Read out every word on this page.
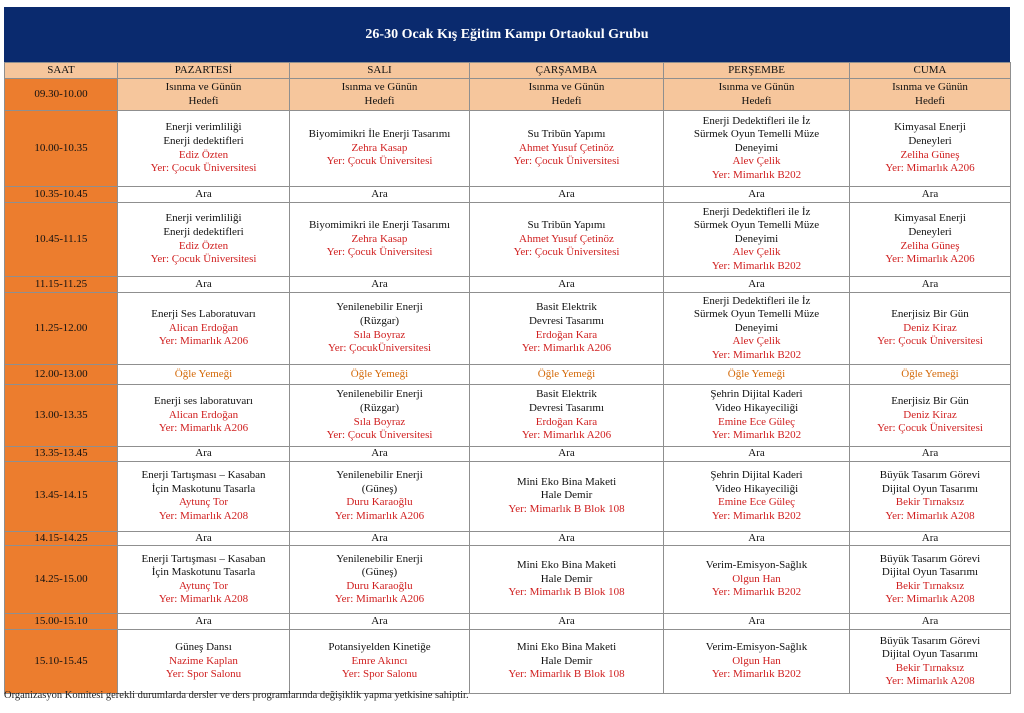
26-30 Ocak Kış Eğitim Kampı Ortaokul Grubu
SAAT	PAZARTESİ	SALI	ÇARŞAMBA	PERŞEMBE	CUMA
09.30-10.00	Isınma ve Günün
Hedefi	Isınma ve Günün
Hedefi	Isınma ve Günün
Hedefi	Isınma ve Günün
Hedefi	Isınma ve Günün
Hedefi

10.00-10.35	Enerji verimliliği
Enerji dedektifleri
Ediz Özten
Yer: Çocuk Üniversitesi	Biyomimikri İle Enerji Tasarımı
Zehra Kasap
Yer: Çocuk Üniversitesi	Su Tribün Yapımı
Ahmet Yusuf Çetinöz
Yer: Çocuk Üniversitesi	Enerji Dedektifleri ile İz
Sürmek Oyun Temelli Müze
Deneyimi
Alev Çelik
Yer: Mimarlık B202	Kimyasal Enerji
Deneyleri
Zeliha Güneş
Yer: Mimarlık A206

10.35-10.45	Ara	Ara	Ara	Ara	Ara

10.45-11.15	Enerji verimliliği
Enerji dedektifleri
Ediz Özten
Yer: Çocuk Üniversitesi	Biyomimikri ile Enerji Tasarımı
Zehra Kasap
Yer: Çocuk Üniversitesi	Su Tribün Yapımı
Ahmet Yusuf Çetinöz
Yer: Çocuk Üniversitesi	Enerji Dedektifleri ile İz
Sürmek Oyun Temelli Müze
Deneyimi
Alev Çelik
Yer: Mimarlık B202	Kimyasal Enerji
Deneyleri
Zeliha Güneş
Yer: Mimarlık A206

11.15-11.25	Ara	Ara	Ara	Ara	Ara

11.25-12.00	Enerji Ses Laboratuvarı
Alican Erdoğan
Yer: Mimarlık A206	Yenilenebilir Enerji
(Rüzgar)
Sıla Boyraz
Yer: ÇocukÜniversitesi	Basit Elektrik
Devresi Tasarımı
Erdoğan Kara
Yer: Mimarlık A206	Enerji Dedektifleri ile İz
Sürmek Oyun Temelli Müze
Deneyimi
Alev Çelik
Yer: Mimarlık B202	Enerjisiz Bir Gün
Deniz Kiraz
Yer: Çocuk Üniversitesi

12.00-13.00	Öğle Yemeği	Öğle Yemeği	Öğle Yemeği	Öğle Yemeği	Öğle Yemeği

13.00-13.35	Enerji ses laboratuvarı
Alican Erdoğan
Yer: Mimarlık A206	Yenilenebilir Enerji
(Rüzgar)
Sıla Boyraz
Yer: Çocuk Üniversitesi	Basit Elektrik
Devresi Tasarımı
Erdoğan Kara
Yer: Mimarlık A206	Şehrin Dijital Kaderi
Video Hikayeciliği
Emine Ece Güleç
Yer: Mimarlık B202	Enerjisiz Bir Gün
Deniz Kiraz
Yer: Çocuk Üniversitesi

13.35-13.45	Ara	Ara	Ara	Ara	Ara

13.45-14.15	Enerji Tartışması – Kasaban
İçin Maskotunu Tasarla
Aytunç Tor
Yer: Mimarlık A208	Yenilenebilir Enerji
(Güneş)
Duru Karaoğlu
Yer: Mimarlık A206	Mini Eko Bina Maketi
Hale Demir
Yer: Mimarlık B Blok 108	Şehrin Dijital Kaderi
Video Hikayeciliği
Emine Ece Güleç
Yer: Mimarlık B202	Büyük Tasarım Görevi
Dijital Oyun Tasarımı
Bekir Tırnaksız
Yer: Mimarlık A208

14.15-14.25	Ara	Ara	Ara	Ara	Ara

14.25-15.00	Enerji Tartışması – Kasaban
İçin Maskotunu Tasarla
Aytunç Tor
Yer: Mimarlık A208	Yenilenebilir Enerji
(Güneş)
Duru Karaoğlu
Yer: Mimarlık A206	Mini Eko Bina Maketi
Hale Demir
Yer: Mimarlık B Blok 108	Verim-Emisyon-Sağlık
Olgun Han
Yer: Mimarlık B202	Büyük Tasarım Görevi
Dijital Oyun Tasarımı
Bekir Tırnaksız
Yer: Mimarlık A208

15.00-15.10	Ara	Ara	Ara	Ara	Ara

15.10-15.45	Güneş Dansı
Nazime Kaplan
Yer: Spor Salonu	Potansiyelden Kinetiğe
Emre Akıncı
Yer: Spor Salonu	Mini Eko Bina Maketi
Hale Demir
Yer: Mimarlık B Blok 108	Verim-Emisyon-Sağlık
Olgun Han
Yer: Mimarlık B202	Büyük Tasarım Görevi
Dijital Oyun Tasarımı
Bekir Tırnaksız
Yer: Mimarlık A208
Organizasyon Komitesi gerekli durumlarda dersler ve ders programlarında değişiklik yapma yetkisine sahiptir.
